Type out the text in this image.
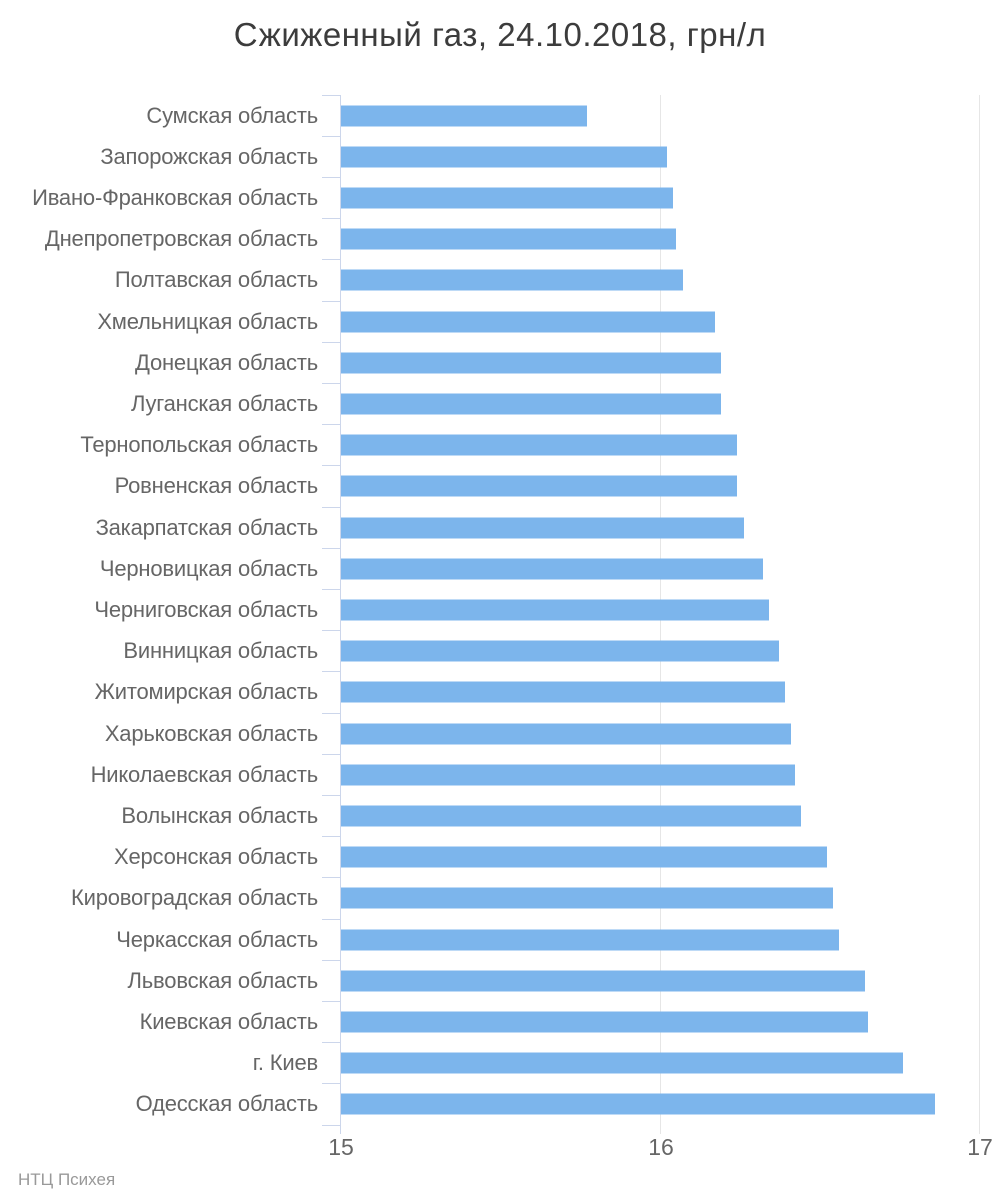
Сжиженный газ, 24.10.2018, грн/л
Сумская область
Запорожская область
Ивано-Франковская область
Днепропетровская область
Полтавская область
Хмельницкая область
Донецкая область
Луганская область
Тернопольская область
Ровненская область
Закарпатская область
Черновицкая область
Черниговская область
Винницкая область
Житомирская область
Харьковская область
Николаевская область
Волынская область
Херсонская область
Кировоградская область
Черкасская область
Львовская область
Киевская область
г. Киев
Одесская область
15	16	17
НТЦ Психея
